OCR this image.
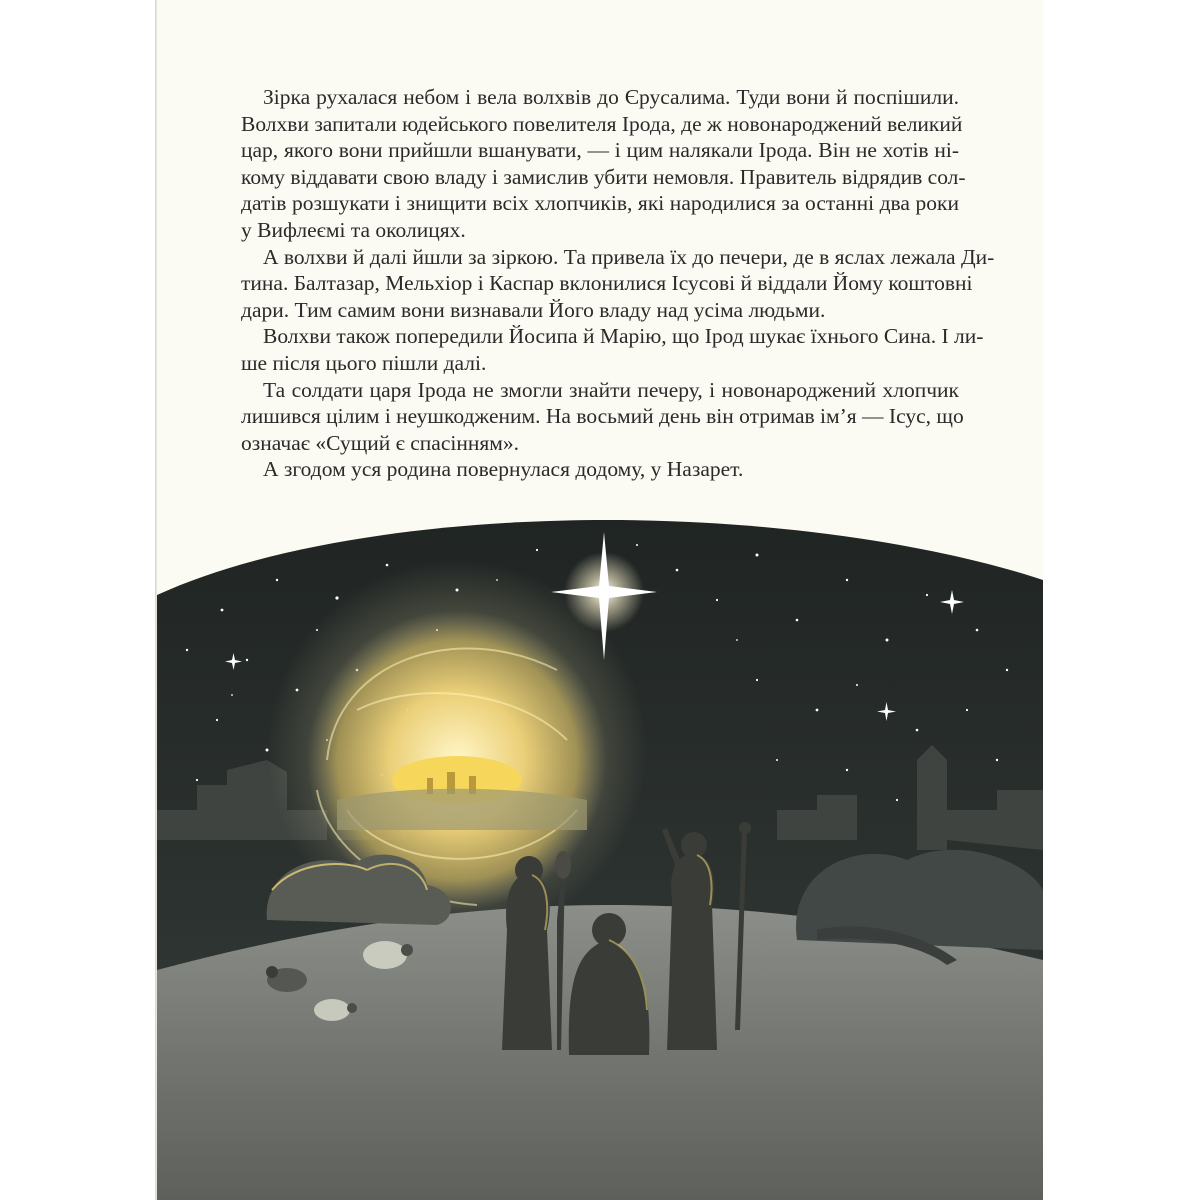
Зірка рухалася небом і вела волхвів до Єрусалима. Туди вони й поспішили.
Волхви запитали юдейського повелителя Ірода, де ж новонароджений великий
цар, якого вони прийшли вшанувати, — і цим налякали Ірода. Він не хотів ні-
кому віддавати свою владу і замислив убити немовля. Правитель відрядив сол-
датів розшукати і знищити всіх хлопчиків, які народилися за останні два роки
у Вифлеємі та околицях.

А волхви й далі йшли за зіркою. Та привела їх до печери, де в яслах лежала Ди-
тина. Балтазар, Мельхіор і Каспар вклонилися Ісусові й віддали Йому коштовні
дари. Тим самим вони визнавали Його владу над усіма людьми.

Волхви також попередили Йосипа й Марію, що Ірод шукає їхнього Сина. І ли-
ше після цього пішли далі.

Та солдати царя Ірода не змогли знайти печеру, і новонароджений хлопчик
лишився цілим і неушкодженим. На восьмий день він отримав ім’я — Ісус, що
означає «Сущий є спасінням».

А згодом уся родина повернулася додому, у Назарет.
